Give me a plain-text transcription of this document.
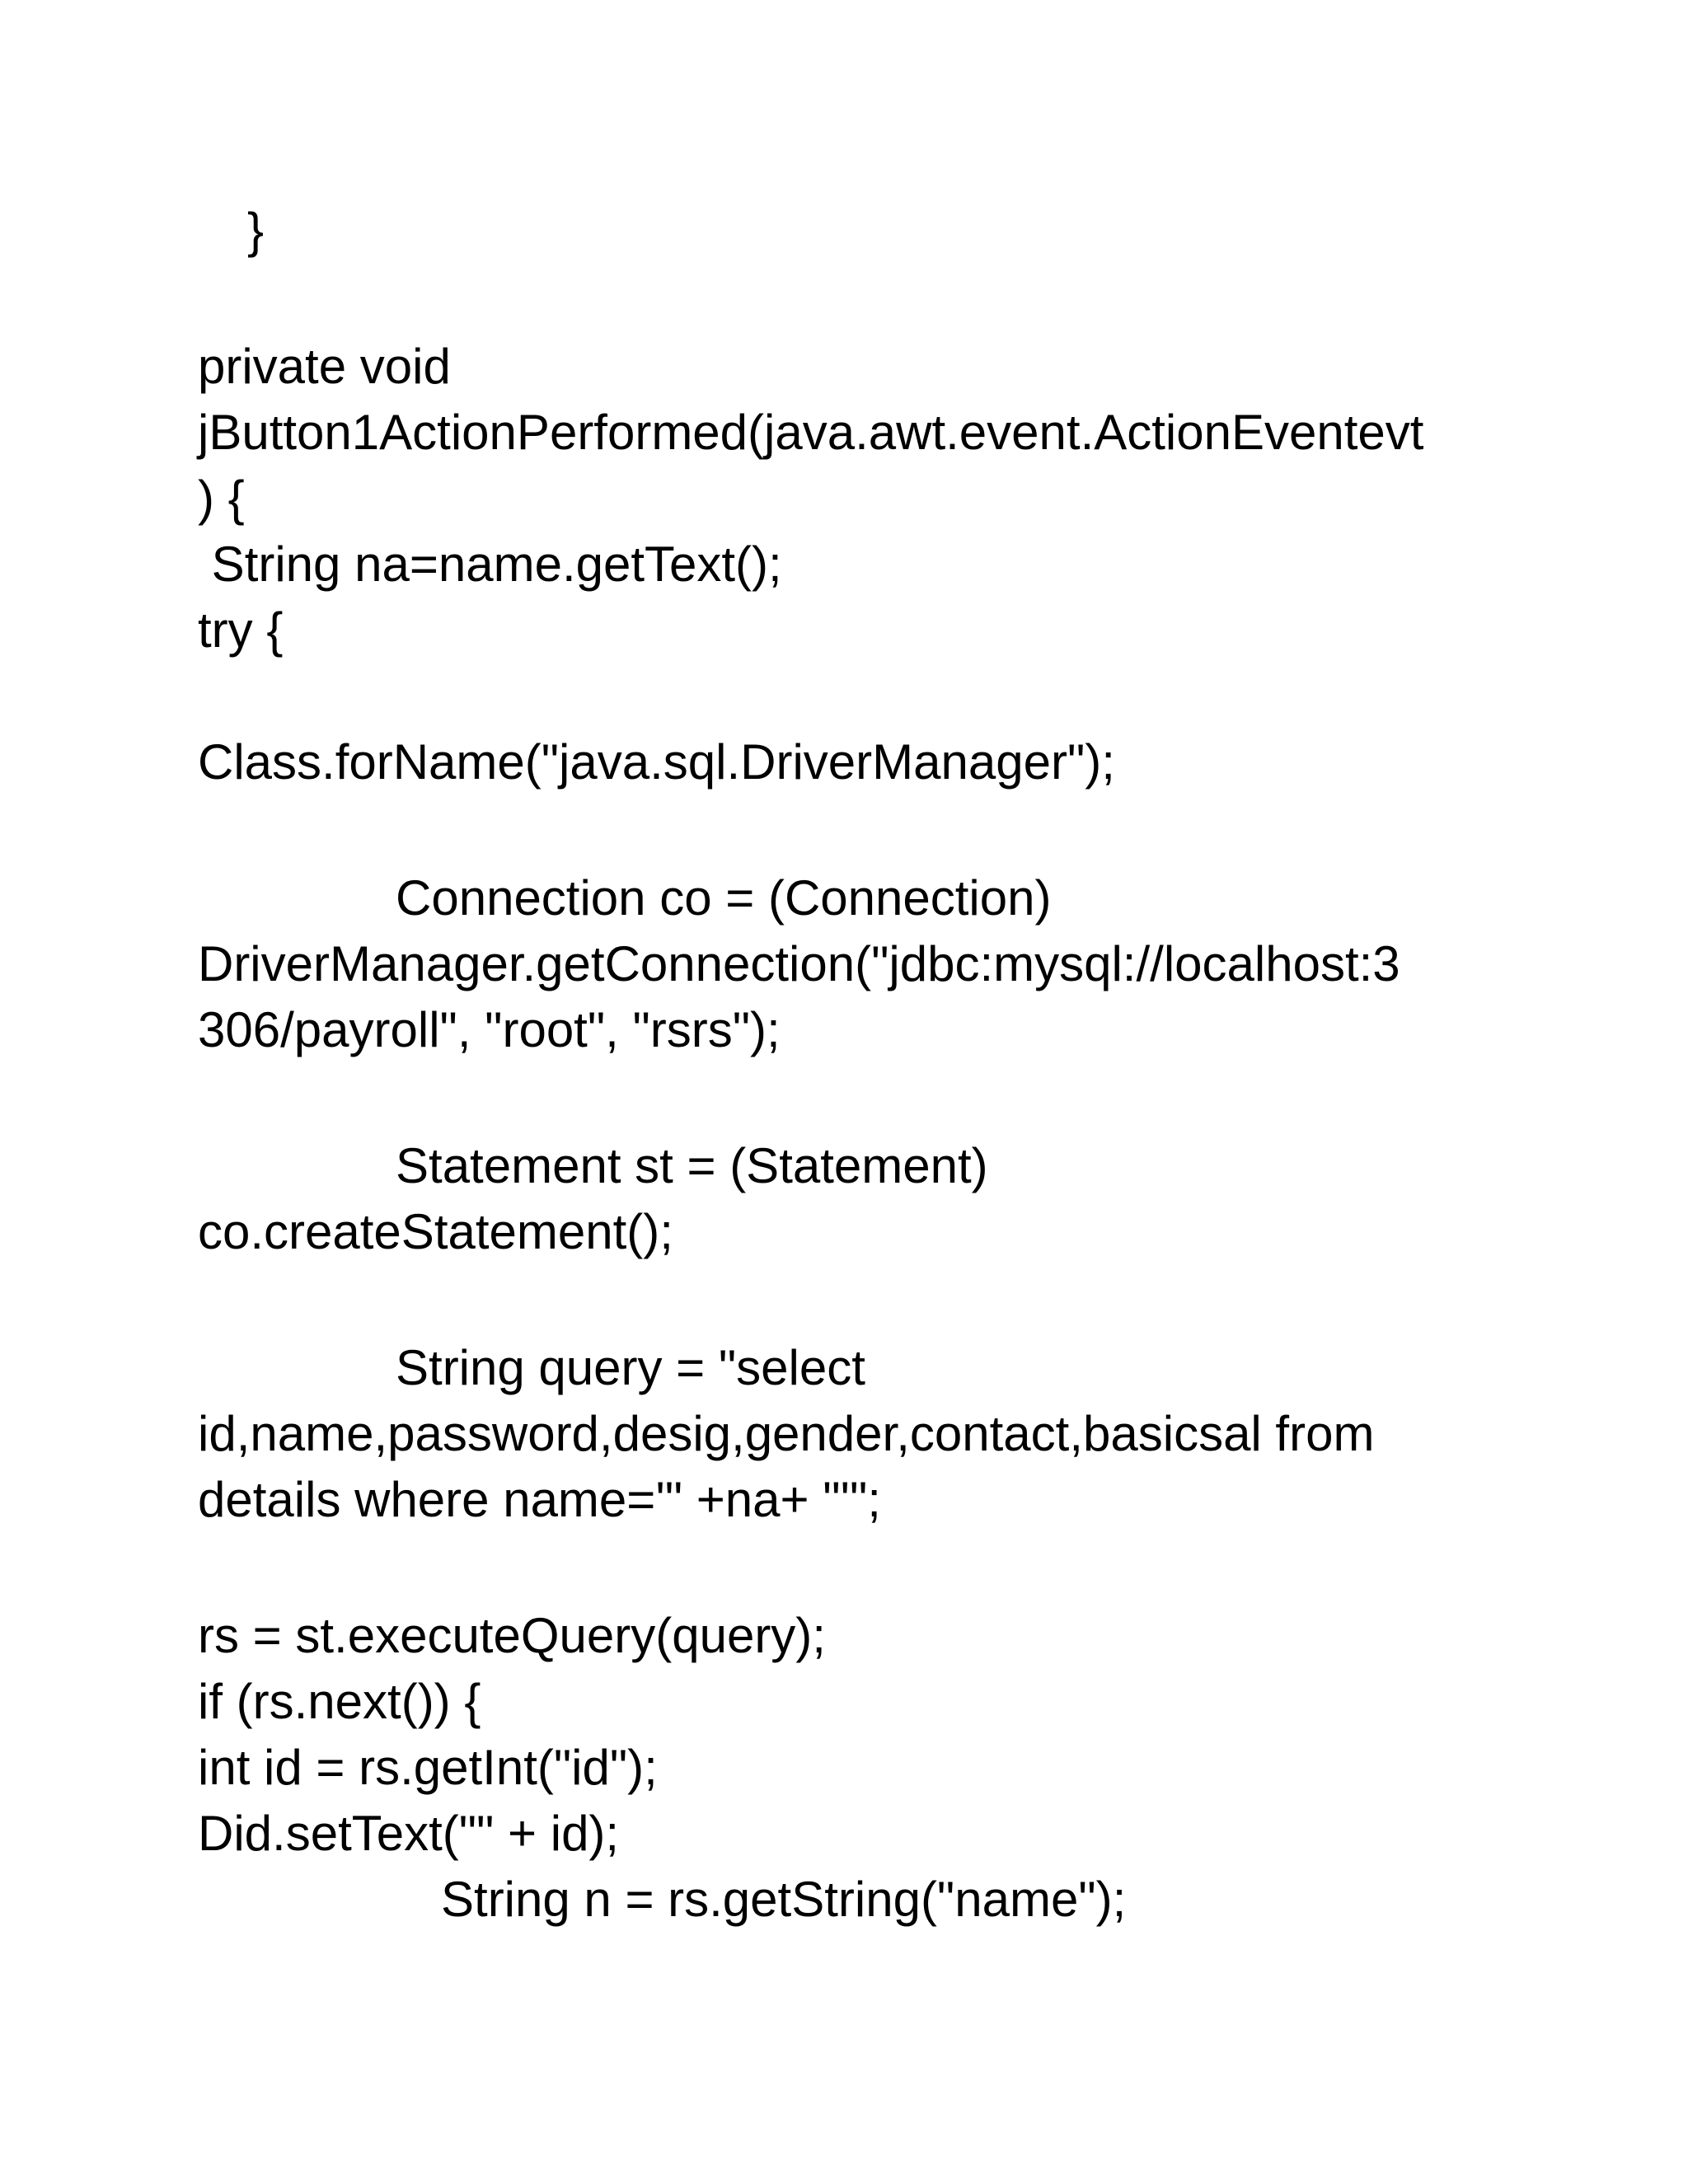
}

private void

jButton1ActionPerformed(java.awt.event.ActionEventevt

) {

String na=name.getText();

try {

Class.forName("java.sql.DriverManager");

Connection co = (Connection)

DriverManager.getConnection("jdbc:mysql://localhost:3

306/payroll", "root", "rsrs");

Statement st = (Statement)

co.createStatement();

String query = "select

id,name,password,desig,gender,contact,basicsal from

details where name='" +na+ "'";

rs = st.executeQuery(query);

if (rs.next()) {

int id = rs.getInt("id");

Did.setText("" + id);

String n = rs.getString("name");
